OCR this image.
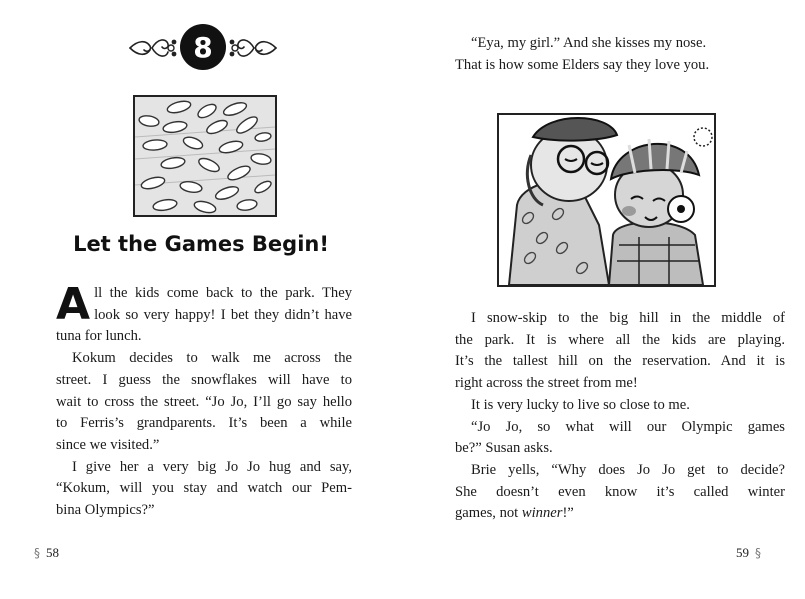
8
Let the Games Begin!
A ll the kids come back to the park. They
look so very happy! I bet they didn’t have
tuna for lunch.
Kokum decides to walk me across the
street. I guess the snowflakes will have to
wait to cross the street. “Jo Jo, I’ll go say hello
to Ferris’s grandparents. It’s been a while
since we visited.”
I give her a very big Jo Jo hug and say,
“Kokum, will you stay and watch our Pem-
bina Olympics?”
§ 58
“Eya, my girl.” And she kisses my nose.
That is how some Elders say they love you.
I snow-skip to the big hill in the middle of
the park. It is where all the kids are playing.
It’s the tallest hill on the reservation. And it is
right across the street from me!
It is very lucky to live so close to me.
“Jo Jo, so what will our Olympic games
be?” Susan asks.
Brie yells, “Why does Jo Jo get to decide?
She doesn’t even know it’s called winter
games, not winner!”
59 §
